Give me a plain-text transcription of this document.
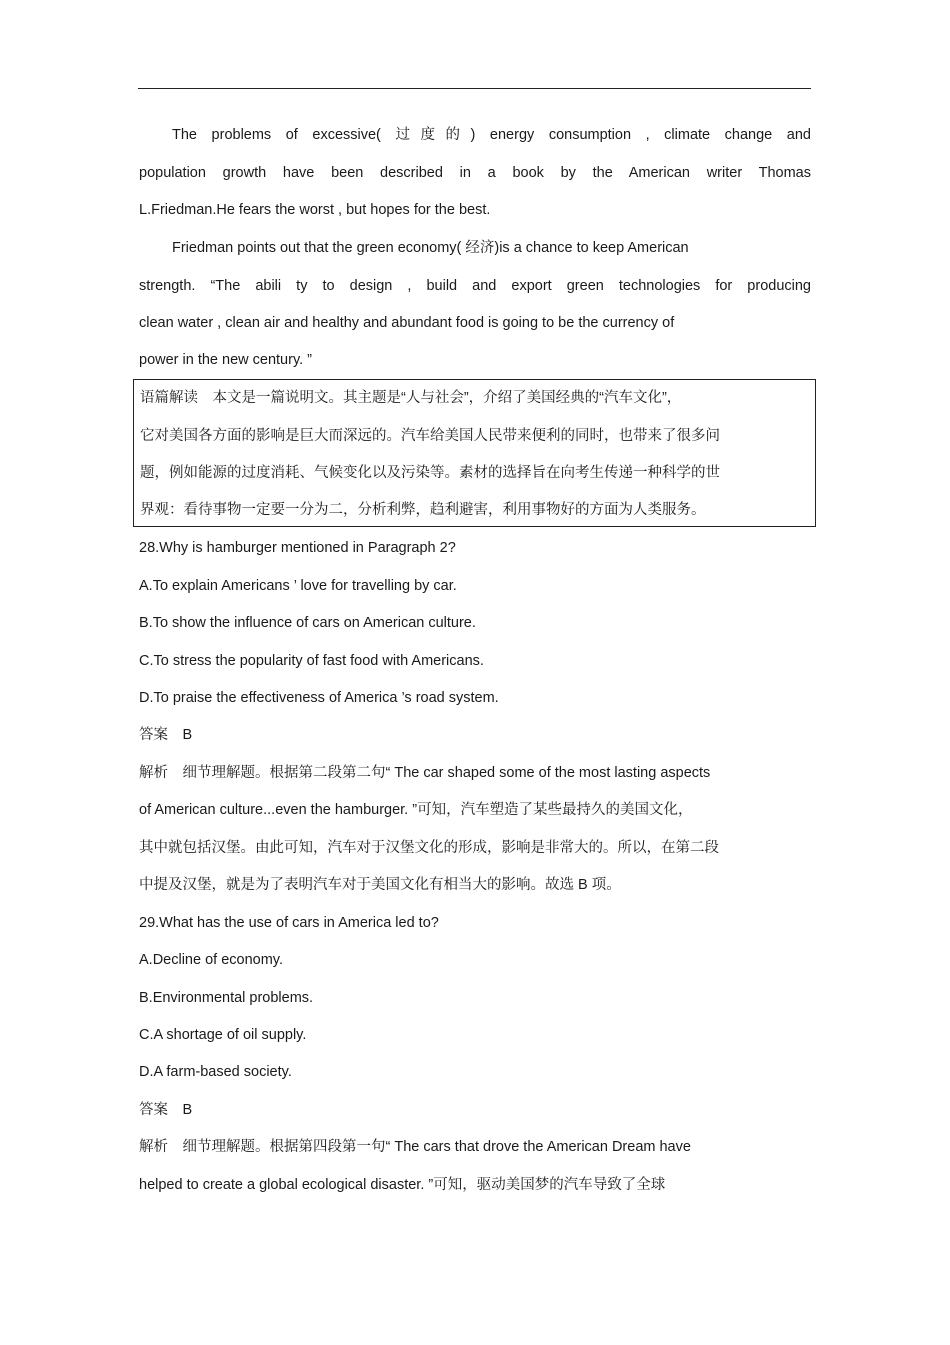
The problems of excessive( 过度的) energy consumption , climate change and
population growth have been described in a book by the American writer Thomas
L.Friedman.He fears the worst , but hopes for the best.
Friedman points out that the green economy( 经济)is a chance to keep American
strength. “The abili ty to design , build and export green technologies for producing
clean water , clean air and healthy and abundant food is going to be the currency of
power in the new century. ”
语篇解读　本文是一篇说明文。其主题是“人与社会”，介绍了美国经典的“汽车文化”，
它对美国各方面的影响是巨大而深远的。汽车给美国人民带来便利的同时，也带来了很多问
题，例如能源的过度消耗、气候变化以及污染等。素材的选择旨在向考生传递一种科学的世
界观：看待事物一定要一分为二，分析利弊，趋利避害，利用事物好的方面为人类服务。
28.Why is hamburger mentioned in Paragraph 2?
A.To explain Americans ’ love for travelling by car.
B.To show the influence of cars on American culture.
C.To stress the popularity of fast food with Americans.
D.To praise the effectiveness of America ’s road system.
答案　B
解析　细节理解题。根据第二段第二句“ The car shaped some of the most lasting aspects
of American culture...even the hamburger. ”可知，汽车塑造了某些最持久的美国文化，
其中就包括汉堡。由此可知，汽车对于汉堡文化的形成，影响是非常大的。所以，在第二段
中提及汉堡，就是为了表明汽车对于美国文化有相当大的影响。故选 B 项。
29.What has the use of cars in America led to?
A.Decline of economy.
B.Environmental problems.
C.A shortage of oil supply.
D.A farm-based society.
答案　B
解析　细节理解题。根据第四段第一句“ The cars that drove the American Dream have
helped to create a global ecological disaster. ”可知，驱动美国梦的汽车导致了全球
